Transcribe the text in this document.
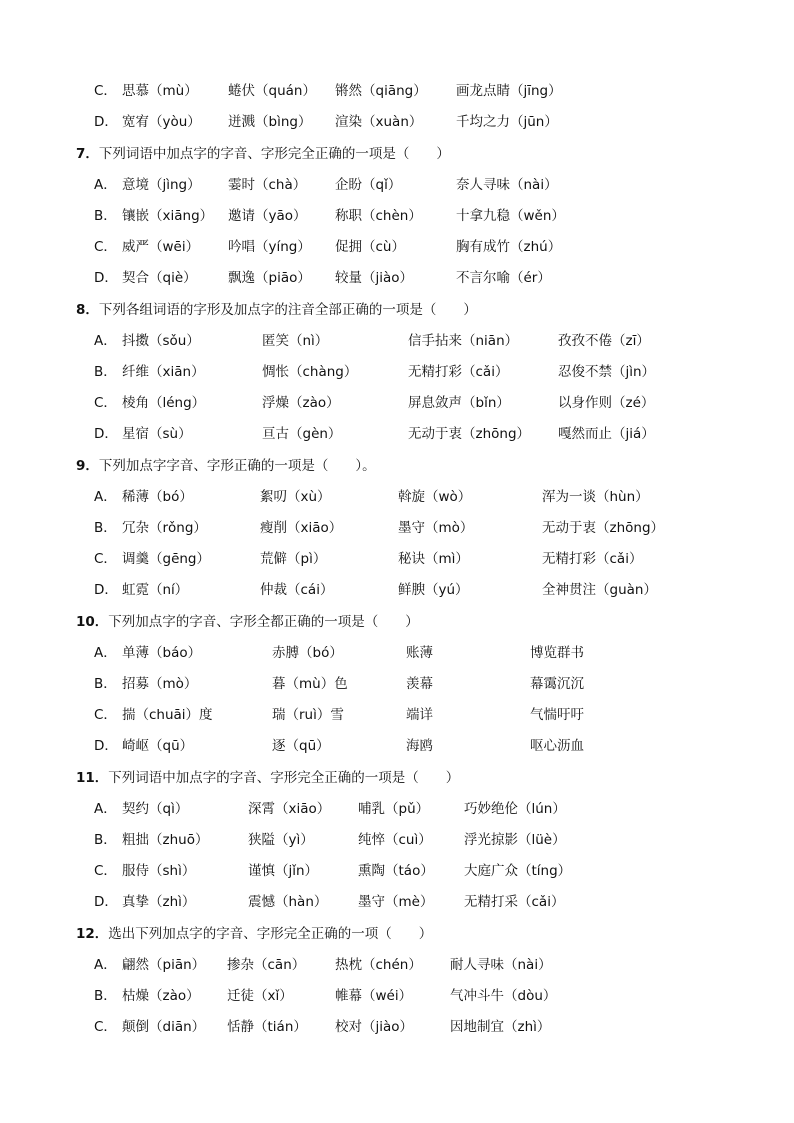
C． 思慕（mù） 蜷伏（quán） 锵然（qiāng） 画龙点睛（jīng）
D． 宽宥（yòu） 迸溅（bìng） 渲染（xuàn） 千均之力（jūn）
7．下列词语中加点字的字音、字形完全正确的一项是（　　）
A． 意境（jìng） 霎时（chà） 企盼（qǐ）	奈人寻味（nài）
B． 镶嵌（xiāng） 邀请（yāo） 称职（chèn）	十拿九稳（wěn）
C． 威严（wēi） 吟唱（yíng） 促拥（cù）	胸有成竹（zhú）
D． 契合（qiè） 飘逸（piāo） 较量（jiào）	不言尔喻（ér）
8．下列各组词语的字形及加点字的注音全部正确的一项是（　　）
A． 抖擞（sǒu）	匿笑（nì）	信手拈来（niān）	孜孜不倦（zī）
B． 纤维（xiān）	惆怅（chàng）	无精打彩（cǎi）	忍俊不禁（jìn）
C． 棱角（léng）	浮燥（zào）	屏息敛声（bǐn）	以身作则（zé）
D． 星宿（sù）	亘古（gèn）	无动于衷（zhōng） 嘎然而止（jiá）
9．下列加点字字音、字形正确的一项是（　　）。
A． 稀薄（bó）	絮叨（xù）	斡旋（wò）	浑为一谈（hùn）
B． 冗杂（rǒng）	瘦削（xiāo）	墨守（mò）	无动于衷（zhōng）
C． 调羹（gēng）	荒僻（pì）	秘诀（mì）	无精打彩（cǎi）
D． 虹霓（ní）	仲裁（cái）	鲜腴（yú）	全神贯注（guàn）
10．下列加点字的字音、字形全都正确的一项是（　　）
A． 单薄（báo）	赤膊（bó）	账薄	博览群书
B． 招募（mò）	暮（mù）色	羡幕	幕霭沉沉
C． 揣（chuāi）度	瑞（ruì）雪	端详	气惴吁吁
D． 崎岖（qū）	逐（qū）	海鸥	呕心沥血
11．下列词语中加点字的字音、字形完全正确的一项是（　　）
A． 契约（qì）	深霄（xiāo） 哺乳（pǔ）	巧妙绝伦（lún）
B． 粗拙（zhuō）	狭隘（yì）	纯悴（cuì） 浮光掠影（lüè）
C． 服侍（shì）	谨慎（jǐn）	熏陶（táo） 大庭广众（tíng）
D． 真挚（zhì）	震憾（hàn） 墨守（mè） 无精打采（cǎi）
12．选出下列加点字的字音、字形完全正确的一项（　　）
A． 翩然（piān） 掺杂（cān） 热枕（chén） 耐人寻味（nài）
B． 枯燥（zào） 迁徒（xǐ）	帷幕（wéi）	气冲斗牛（dòu）
C． 颠倒（diān） 恬静（tián） 校对（jiào）	因地制宜（zhì）
